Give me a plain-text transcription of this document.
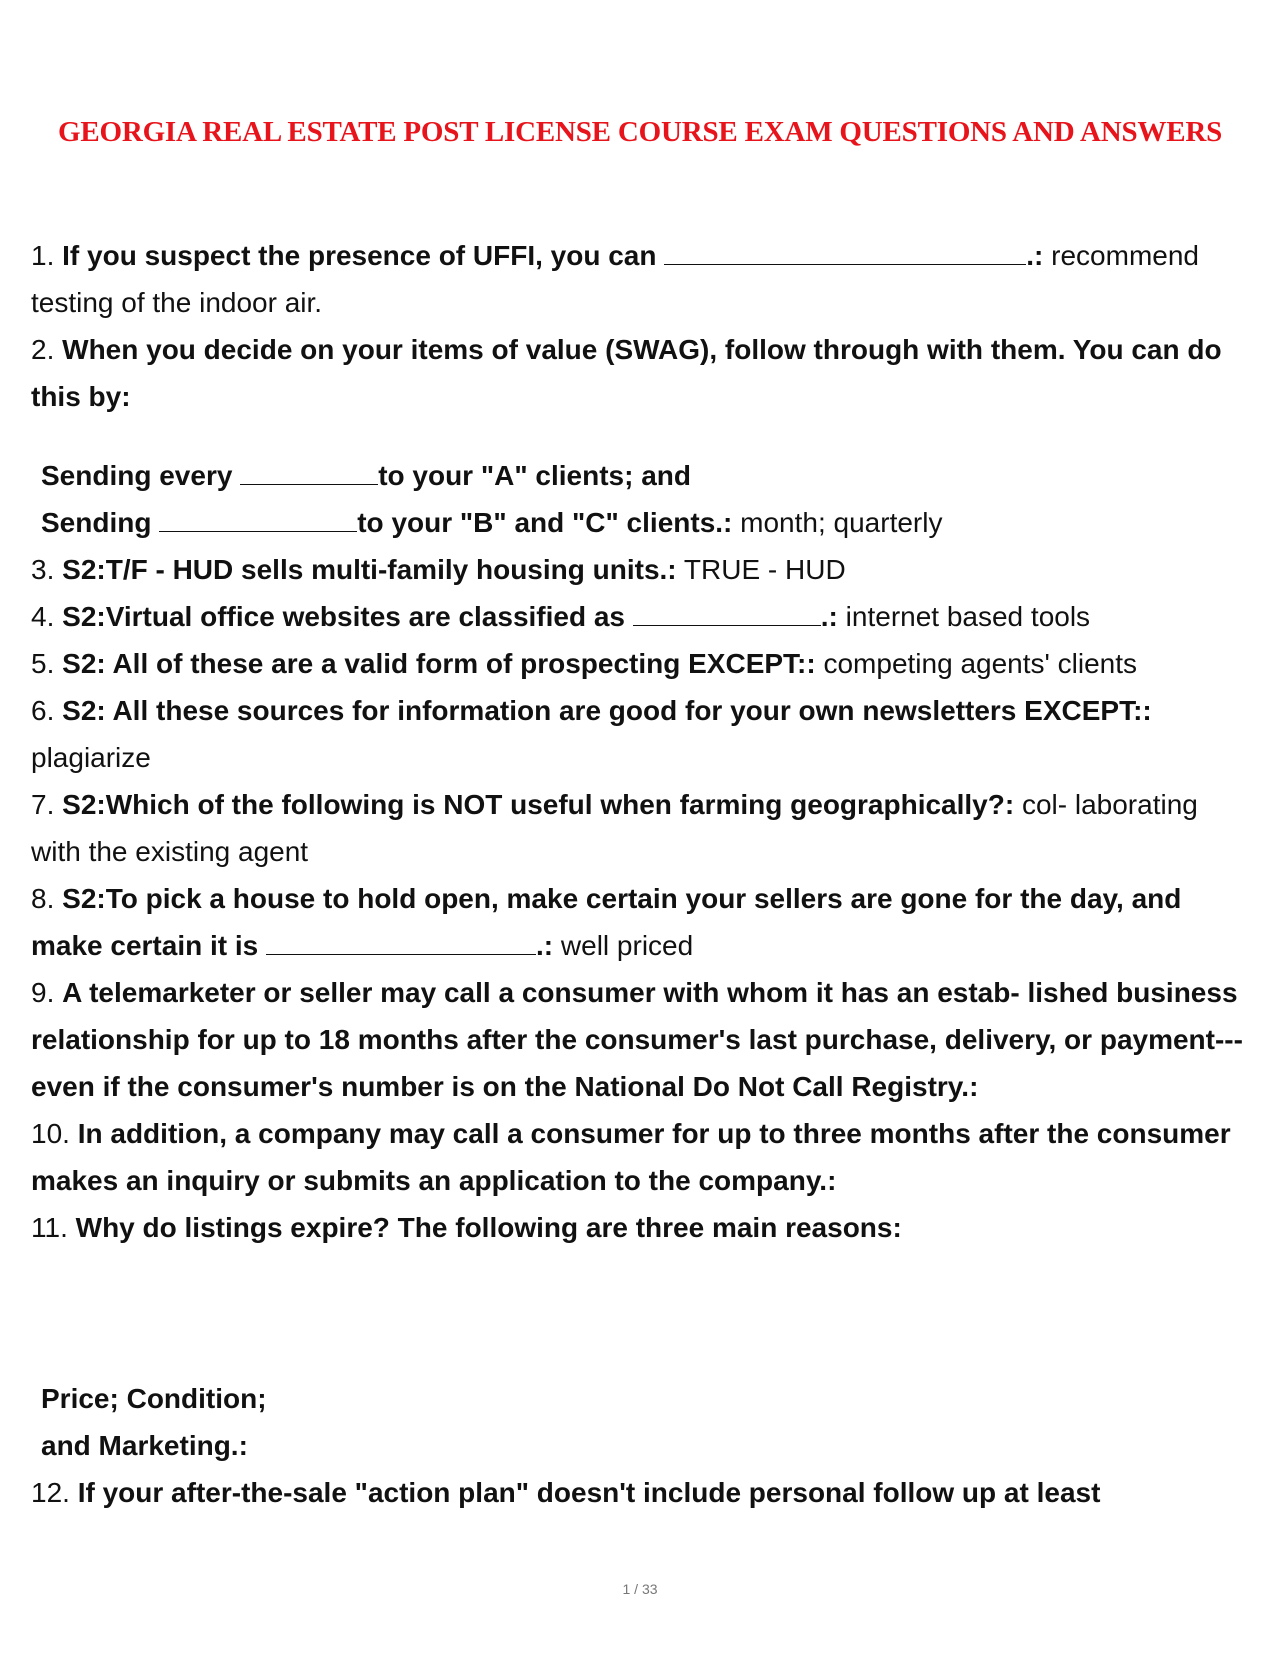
GEORGIA REAL ESTATE POST LICENSE COURSE EXAM QUESTIONS AND ANSWERS

1. If you suspect the presence of UFFI, you can	.: recommend testing of the indoor air.

2. When you decide on your items of value (SWAG), follow through with them. You can do this by:

Sending every	to your "A" clients; and

Sending	to your "B" and "C" clients.: month; quarterly

3. S2:T/F - HUD sells multi-family housing units.: TRUE - HUD

4. S2:Virtual office websites are classified as	.: internet based tools

5. S2: All of these are a valid form of prospecting EXCEPT:: competing agents' clients

6. S2: All these sources for information are good for your own newsletters EXCEPT:: plagiarize

7. S2:Which of the following is NOT useful when farming geographically?: col- laborating with the existing agent

8. S2:To pick a house to hold open, make certain your sellers are gone for the day, and make certain it is	.: well priced

9. A telemarketer or seller may call a consumer with whom it has an estab- lished business relationship for up to 18 months after the consumer's last purchase, delivery, or payment--- even if the consumer's number is on the National Do Not Call Registry.:

10. In addition, a company may call a consumer for up to three months after the consumer makes an inquiry or submits an application to the company.:

11. Why do listings expire? The following are three main reasons:

Price; Condition;

and Marketing.:

12. If your after-the-sale "action plan" doesn't include personal follow up at least

1 / 33
